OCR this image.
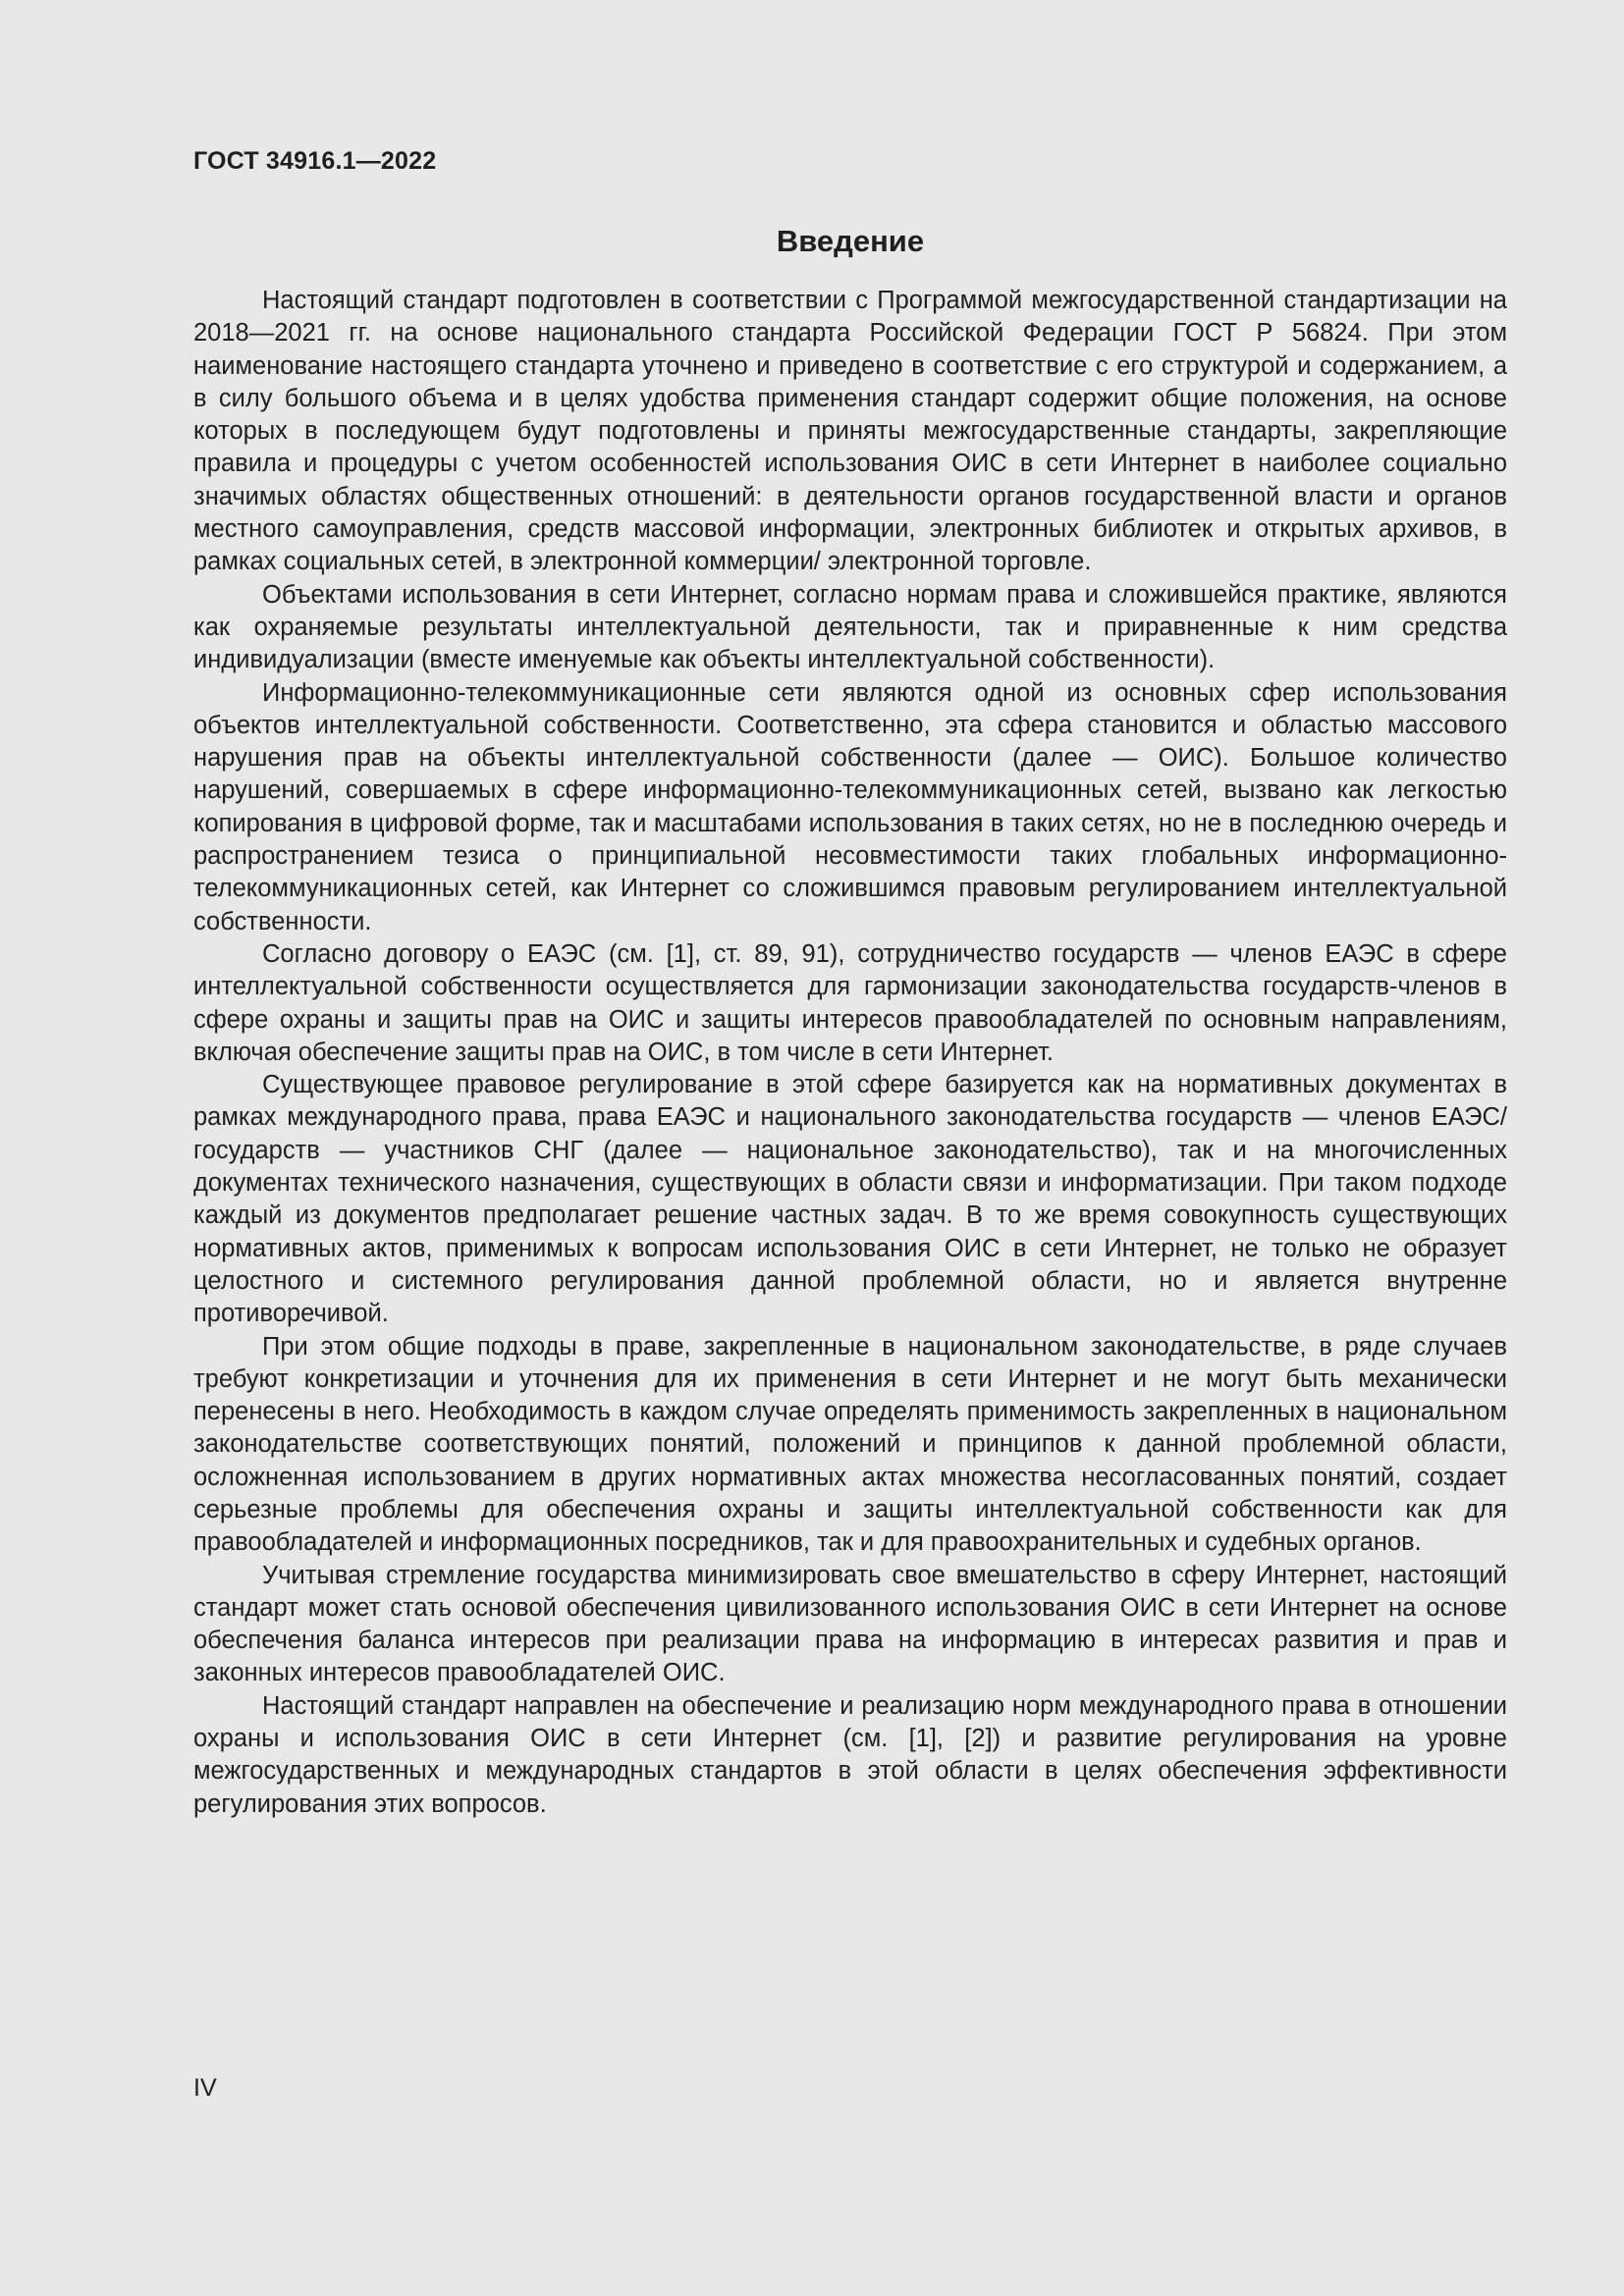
ГОСТ 34916.1—2022
Введение

Настоящий стандарт подготовлен в соответствии с Программой межгосударственной стандартизации на 2018—2021 гг. на основе национального стандарта Российской Федерации ГОСТ Р 56824. При этом наименование настоящего стандарта уточнено и приведено в соответствие с его структурой и содержанием, а в силу большого объема и в целях удобства применения стандарт содержит общие положения, на основе которых в последующем будут подготовлены и приняты межгосударственные стандарты, закрепляющие правила и процедуры с учетом особенностей использования ОИС в сети Интернет в наиболее социально значимых областях общественных отношений: в деятельности органов государственной власти и органов местного самоуправления, средств массовой информации, электронных библиотек и открытых архивов, в рамках социальных сетей, в электронной коммерции/ электронной торговле.

Объектами использования в сети Интернет, согласно нормам права и сложившейся практике, являются как охраняемые результаты интеллектуальной деятельности, так и приравненные к ним средства индивидуализации (вместе именуемые как объекты интеллектуальной собственности).

Информационно-телекоммуникационные сети являются одной из основных сфер использования объектов интеллектуальной собственности. Соответственно, эта сфера становится и областью массового нарушения прав на объекты интеллектуальной собственности (далее — ОИС). Большое количество нарушений, совершаемых в сфере информационно-телекоммуникационных сетей, вызвано как легкостью копирования в цифровой форме, так и масштабами использования в таких сетях, но не в последнюю очередь и распространением тезиса о принципиальной несовместимости таких глобальных информационно-телекоммуникационных сетей, как Интернет со сложившимся правовым регулированием интеллектуальной собственности.

Согласно договору о ЕАЭС (см. [1], ст. 89, 91), сотрудничество государств — членов ЕАЭС в сфере интеллектуальной собственности осуществляется для гармонизации законодательства государств-членов в сфере охраны и защиты прав на ОИС и защиты интересов правообладателей по основным направлениям, включая обеспечение защиты прав на ОИС, в том числе в сети Интернет.

Существующее правовое регулирование в этой сфере базируется как на нормативных документах в рамках международного права, права ЕАЭС и национального законодательства государств — членов ЕАЭС/государств — участников СНГ (далее — национальное законодательство), так и на многочисленных документах технического назначения, существующих в области связи и информатизации. При таком подходе каждый из документов предполагает решение частных задач. В то же время совокупность существующих нормативных актов, применимых к вопросам использования ОИС в сети Интернет, не только не образует целостного и системного регулирования данной проблемной области, но и является внутренне противоречивой.

При этом общие подходы в праве, закрепленные в национальном законодательстве, в ряде случаев требуют конкретизации и уточнения для их применения в сети Интернет и не могут быть механически перенесены в него. Необходимость в каждом случае определять применимость закрепленных в национальном законодательстве соответствующих понятий, положений и принципов к данной проблемной области, осложненная использованием в других нормативных актах множества несогласованных понятий, создает серьезные проблемы для обеспечения охраны и защиты интеллектуальной собственности как для правообладателей и информационных посредников, так и для правоохранительных и судебных органов.

Учитывая стремление государства минимизировать свое вмешательство в сферу Интернет, настоящий стандарт может стать основой обеспечения цивилизованного использования ОИС в сети Интернет на основе обеспечения баланса интересов при реализации права на информацию в интересах развития и прав и законных интересов правообладателей ОИС.

Настоящий стандарт направлен на обеспечение и реализацию норм международного права в отношении охраны и использования ОИС в сети Интернет (см. [1], [2]) и развитие регулирования на уровне межгосударственных и международных стандартов в этой области в целях обеспечения эффективности регулирования этих вопросов.

IV
